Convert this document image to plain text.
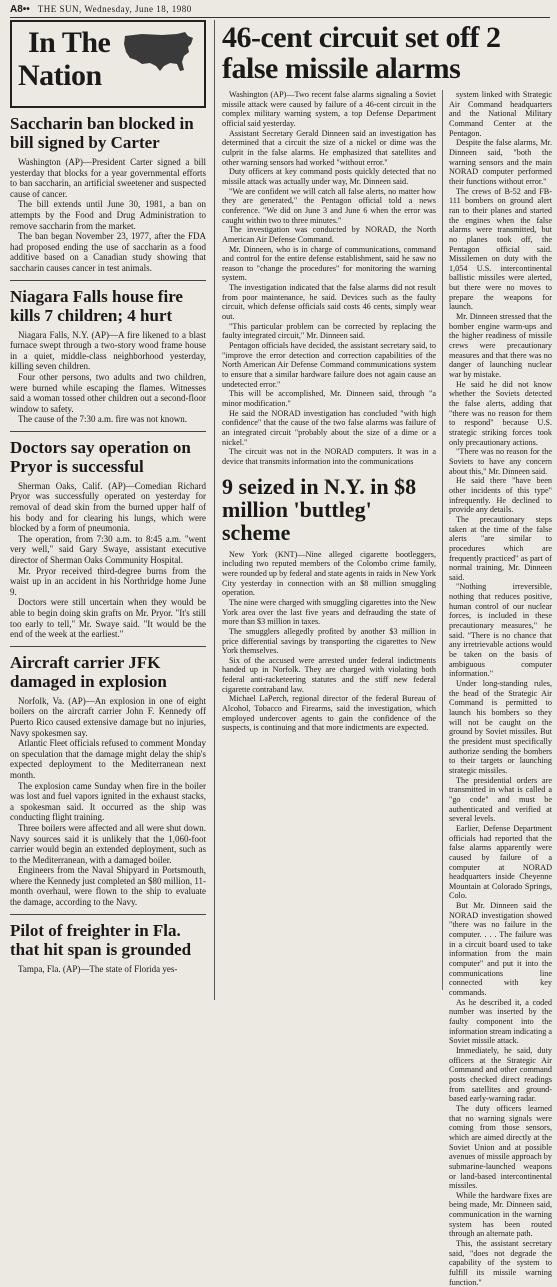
A8•• THE SUN, Wednesday, June 18, 1980
In The
Nation
Saccharin ban blocked in bill signed by Carter

Washington (AP)—President Carter signed a bill yesterday that blocks for a year governmental efforts to ban saccharin, an artificial sweetener and suspected cause of cancer.

The bill extends until June 30, 1981, a ban on attempts by the Food and Drug Administration to remove saccharin from the market.

The ban began November 23, 1977, after the FDA had proposed ending the use of saccharin as a food additive based on a Canadian study showing that saccharin causes cancer in test animals.

Niagara Falls house fire kills 7 children; 4 hurt

Niagara Falls, N.Y. (AP)—A fire likened to a blast furnace swept through a two-story wood frame house in a quiet, middle-class neighborhood yesterday, killing seven children.

Four other persons, two adults and two children, were burned while escaping the flames. Witnesses said a woman tossed other children out a second-floor window to safety.

The cause of the 7:30 a.m. fire was not known.

Doctors say operation on Pryor is successful

Sherman Oaks, Calif. (AP)—Comedian Richard Pryor was successfully operated on yesterday for removal of dead skin from the burned upper half of his body and for clearing his lungs, which were blocked by a form of pneumonia.

The operation, from 7:30 a.m. to 8:45 a.m. "went very well," said Gary Swaye, assistant executive director of Sherman Oaks Community Hospital.

Mr. Pryor received third-degree burns from the waist up in an accident in his Northridge home June 9.

Doctors were still uncertain when they would be able to begin doing skin grafts on Mr. Pryor. "It's still too early to tell," Mr. Swaye said. "It would be the end of the week at the earliest."

Aircraft carrier JFK damaged in explosion

Norfolk, Va. (AP)—An explosion in one of eight boilers on the aircraft carrier John F. Kennedy off Puerto Rico caused extensive damage but no injuries, Navy spokesmen say.

Atlantic Fleet officials refused to comment Monday on speculation that the damage might delay the ship's expected deployment to the Mediterranean next month.

The explosion came Sunday when fire in the boiler was lost and fuel vapors ignited in the exhaust stacks, a spokesman said. It occurred as the ship was conducting flight training.

Three boilers were affected and all were shut down. Navy sources said it is unlikely that the 1,060-foot carrier would begin an extended deployment, such as to the Mediterranean, with a damaged boiler.

Engineers from the Naval Shipyard in Portsmouth, where the Kennedy just completed an $80 million, 11-month overhaul, were flown to the ship to evaluate the damage, according to the Navy.

Pilot of freighter in Fla. that hit span is grounded

Tampa, Fla. (AP)—The state of Florida yes-

46-cent circuit set off 2 false missile alarms

Washington (AP)—Two recent false alarms signaling a Soviet missile attack were caused by failure of a 46-cent circuit in the complex military warning system, a top Defense Department official said yesterday.

Assistant Secretary Gerald Dinneen said an investigation has determined that a circuit the size of a nickel or dime was the culprit in the false alarms. He emphasized that satellites and other warning sensors had worked "without error."

Duty officers at key command posts quickly detected that no missile attack was actually under way, Mr. Dinneen said.

"We are confident we will catch all false alerts, no matter how they are generated," the Pentagon official told a news conference. "We did on June 3 and June 6 when the error was caught within two to three minutes."

The investigation was conducted by NORAD, the North American Air Defense Command.

Mr. Dinneen, who is in charge of communications, command and control for the entire defense establishment, said he saw no reason to "change the procedures" for monitoring the warning system.

The investigation indicated that the false alarms did not result from poor maintenance, he said. Devices such as the faulty circuit, which defense officials said costs 46 cents, simply wear out.

"This particular problem can be corrected by replacing the faulty integrated circuit," Mr. Dinneen said.

Pentagon officials have decided, the assistant secretary said, to "improve the error detection and correction capabilities of the North American Air Defense Command communications system to ensure that a similar hardware failure does not again cause an undetected error."

This will be accomplished, Mr. Dinneen said, through "a minor modification."

He said the NORAD investigation has concluded "with high confidence" that the cause of the two false alarms was failure of an integrated circuit "probably about the size of a dime or a nickel."

The circuit was not in the NORAD computers. It was in a device that transmits information into the communications

9 seized in N.Y. in $8 million 'buttleg' scheme

New York (KNT)—Nine alleged cigarette bootleggers, including two reputed members of the Colombo crime family, were rounded up by federal and state agents in raids in New York City yesterday in connection with an $8 million smuggling operation.

The nine were charged with smuggling cigarettes into the New York area over the last five years and defrauding the state of more than $3 million in taxes.

The smugglers allegedly profited by another $3 million in price differential savings by transporting the cigarettes to New York themselves.

Six of the accused were arrested under federal indictments handed up in Norfolk. They are charged with violating both federal anti-racketeering statutes and the stiff new federal cigarette contraband law.

Michael LaPerch, regional director of the federal Bureau of Alcohol, Tobacco and Firearms, said the investigation, which employed undercover agents to gain the confidence of the suspects, is continuing and that more indictments are expected.

system linked with Strategic Air Command headquarters and the National Military Command Center at the Pentagon.

Despite the false alarms, Mr. Dinneen said, "both the warning sensors and the main NORAD computer performed their functions without error."

The crews of B-52 and FB-111 bombers on ground alert ran to their planes and started the engines when the false alarms were transmitted, but no planes took off, the Pentagon official said. Missilemen on duty with the 1,054 U.S. intercontinental ballistic missiles were alerted, but there were no moves to prepare the weapons for launch.

Mr. Dinneen stressed that the bomber engine warm-ups and the higher readiness of missile crews were precautionary measures and that there was no danger of launching nuclear war by mistake.

He said he did not know whether the Soviets detected the false alerts, adding that "there was no reason for them to respond" because U.S. strategic striking forces took only precautionary actions.

"There was no reason for the Soviets to have any concern about this," Mr. Dinneen said.

He said there "have been other incidents of this type" infrequently. He declined to provide any details.

The precautionary steps taken at the time of the false alerts "are similar to procedures which are frequently practiced" as part of normal training, Mr. Dinneen said.

"Nothing irreversible, nothing that reduces positive, human control of our nuclear forces, is included in these precautionary measures," he said. "There is no chance that any irretrievable actions would be taken on the basis of ambiguous computer information."

Under long-standing rules, the head of the Strategic Air Command is permitted to launch his bombers so they will not be caught on the ground by Soviet missiles. But the president must specifically authorize sending the bombers to their targets or launching strategic missiles.

The presidential orders are transmitted in what is called a "go code" and must be authenticated and verified at several levels.

Earlier, Defense Department officials had reported that the false alarms apparently were caused by failure of a computer at NORAD headquarters inside Cheyenne Mountain at Colorado Springs, Colo.

But Mr. Dinneen said the NORAD investigation showed "there was no failure in the computer. . . . The failure was in a circuit board used to take information from the main computer" and put it into the communications line connected with key commands.

As he described it, a coded number was inserted by the faulty component into the information stream indicating a Soviet missile attack.

Immediately, he said, duty officers at the Strategic Air Command and other command posts checked direct readings from satellites and ground-based early-warning radar.

The duty officers learned that no warning signals were coming from those sensors, which are aimed directly at the Soviet Union and at possible avenues of missile approach by submarine-launched weapons or land-based intercontinental missiles.

While the hardware fixes are being made, Mr. Dinneen said, communication in the warning system has been routed through an alternate path.

This, the assistant secretary said, "does not degrade the capability of the system to fulfill its missile warning function."
